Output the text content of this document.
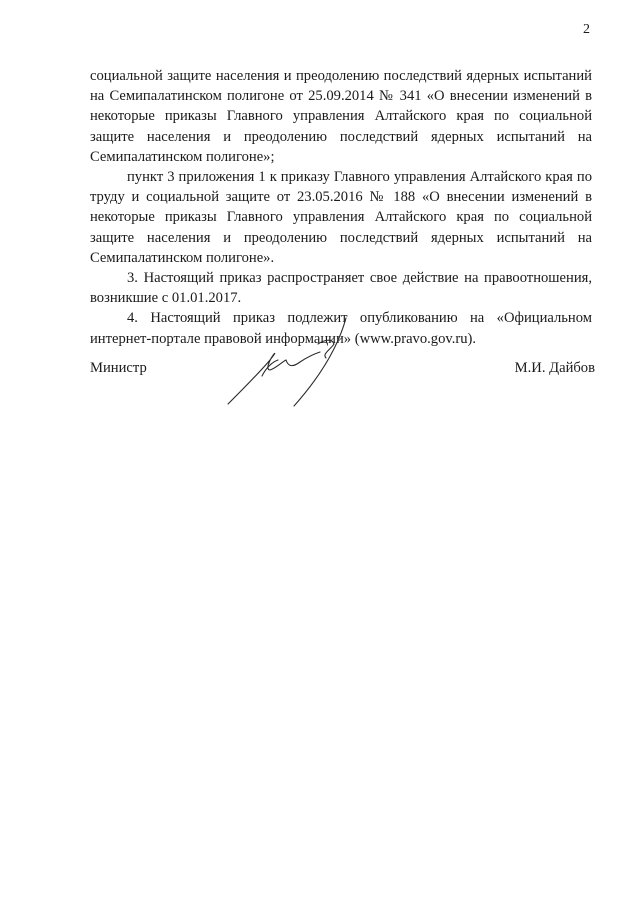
2

социальной защите населения и преодолению последствий ядерных испытаний на Семипалатинском полигоне от 25.09.2014 № 341 «О внесении изменений в некоторые приказы Главного управления Алтайского края по социальной защите населения и преодолению последствий ядерных испытаний на Семипалатинском полигоне»;

пункт 3 приложения 1 к приказу Главного управления Алтайского края по труду и социальной защите от 23.05.2016 № 188 «О внесении изменений в некоторые приказы Главного управления Алтайского края по социальной защите населения и преодолению последствий ядерных испытаний на Семипалатинском полигоне».

3. Настоящий приказ распространяет свое действие на правоотношения, возникшие с 01.01.2017.

4. Настоящий приказ подлежит опубликованию на «Официальном интернет-портале правовой информации» (www.pravo.gov.ru).

Министр	М.И. Дайбов
